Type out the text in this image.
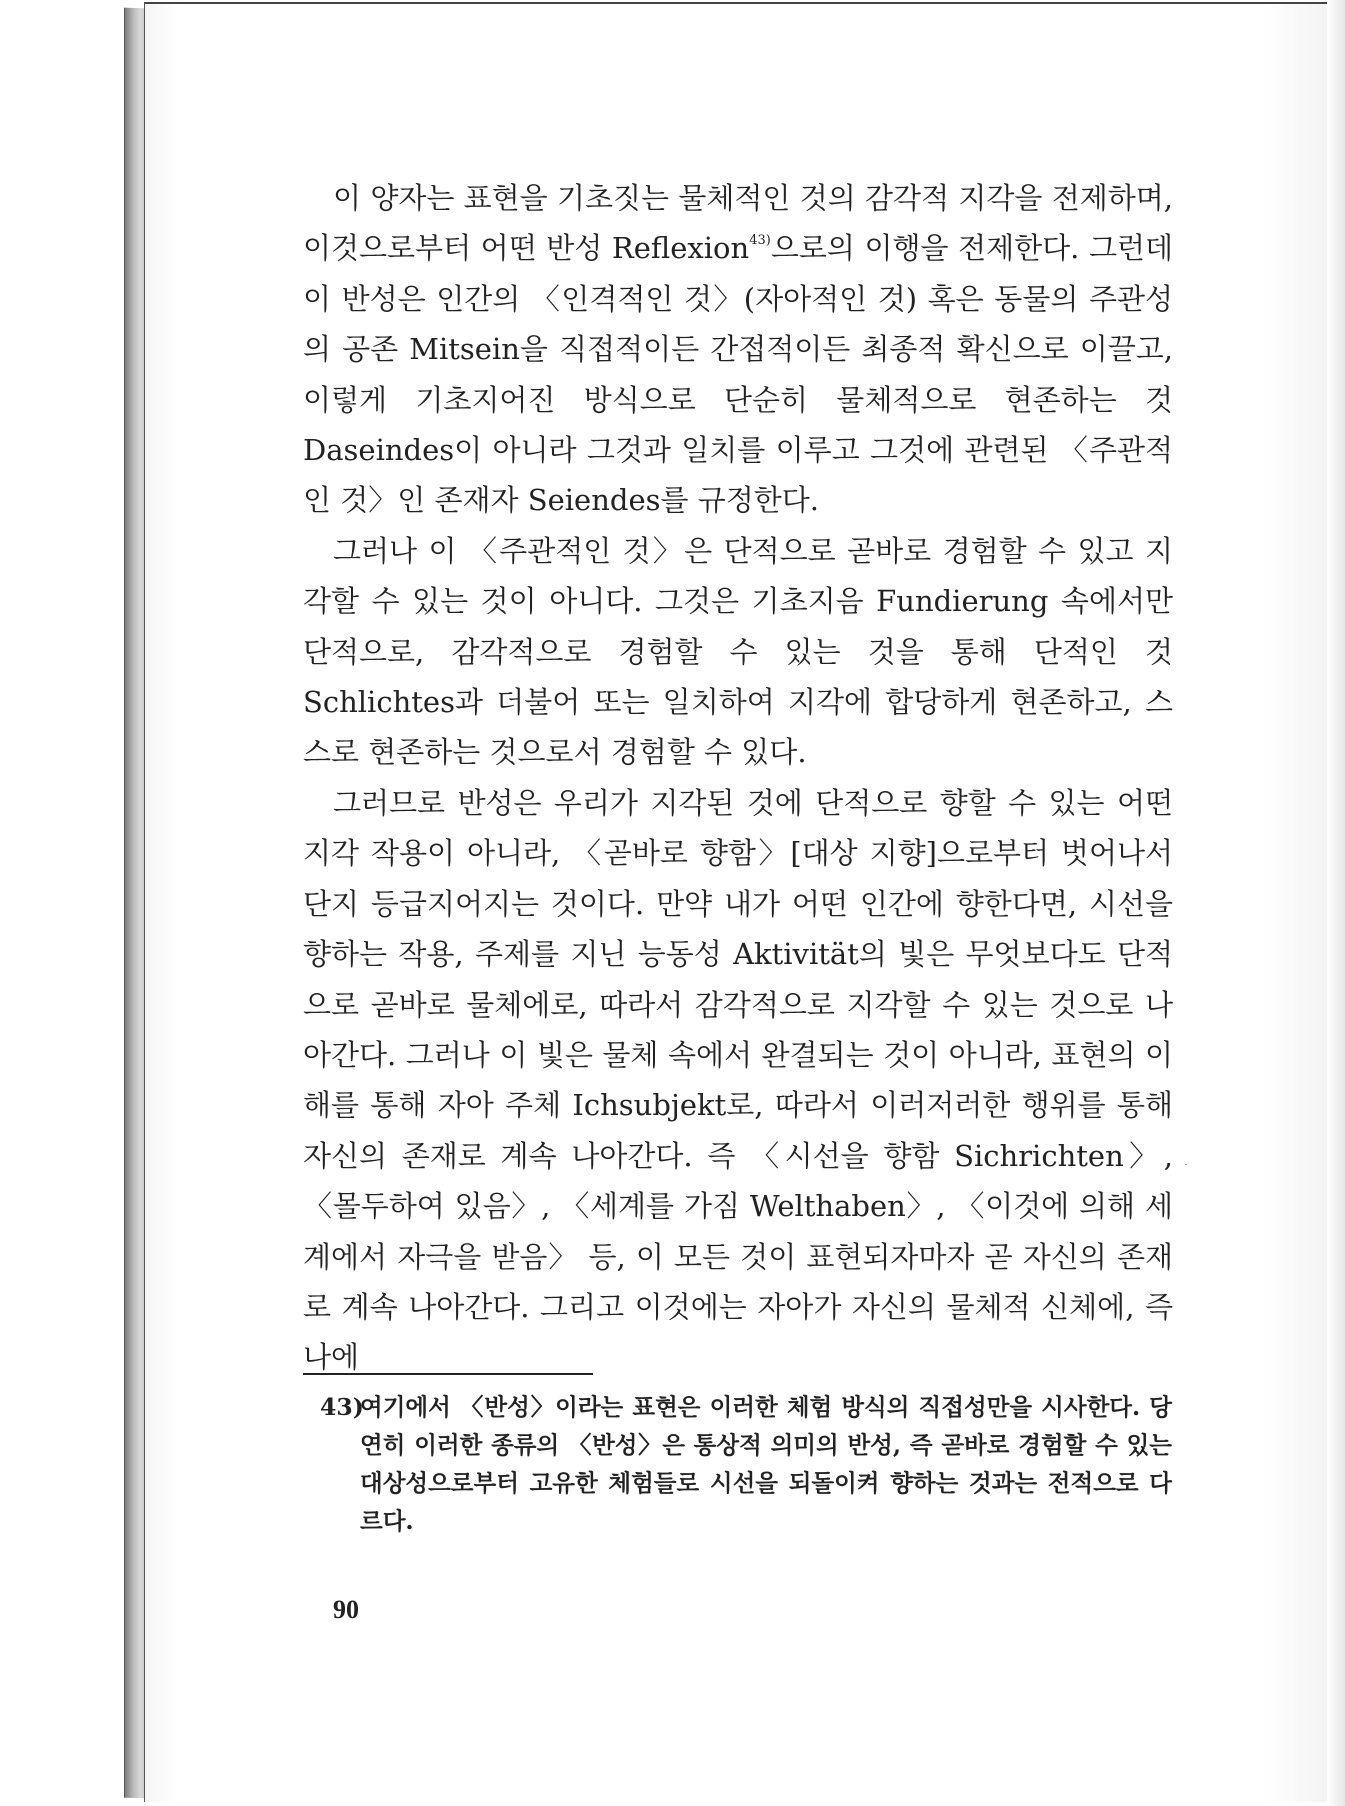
이 양자는 표현을 기초짓는 물체적인 것의 감각적 지각을 전제하며, 이것으로부터 어떤 반성 Reflexion$^{43)}$으로의 이행을 전제한다. 그런데 이 반성은 인간의 〈인격적인 것〉(자아적인 것) 혹은 동물의 주관성의 공존 Mitsein을 직접적이든 간접적이든 최종적 확신으로 이끌고, 이렇게 기초지어진 방식으로 단순히 물체적으로 현존하는 것 Daseindes이 아니라 그것과 일치를 이루고 그것에 관련된 〈주관적인 것〉인 존재자 Seiendes를 규정한다.

그러나 이 〈주관적인 것〉은 단적으로 곧바로 경험할 수 있고 지각할 수 있는 것이 아니다. 그것은 기초지음 Fundierung 속에서만 단적으로, 감각적으로 경험할 수 있는 것을 통해 단적인 것 Schlichtes과 더불어 또는 일치하여 지각에 합당하게 현존하고, 스스로 현존하는 것으로서 경험할 수 있다.

그러므로 반성은 우리가 지각된 것에 단적으로 향할 수 있는 어떤 지각 작용이 아니라, 〈곧바로 향함〉[대상 지향]으로부터 벗어나서 단지 등급지어지는 것이다. 만약 내가 어떤 인간에 향한다면, 시선을 향하는 작용, 주제를 지닌 능동성 Aktivität의 빛은 무엇보다도 단적으로 곧바로 물체에로, 따라서 감각적으로 지각할 수 있는 것으로 나아간다. 그러나 이 빛은 물체 속에서 완결되는 것이 아니라, 표현의 이해를 통해 자아 주체 Ichsubjekt로, 따라서 이러저러한 행위를 통해 자신의 존재로 계속 나아간다. 즉 〈시선을 향함 Sichrichten〉, 〈몰두하여 있음〉, 〈세계를 가짐 Welthaben〉, 〈이것에 의해 세계에서 자극을 받음〉 등, 이 모든 것이 표현되자마자 곧 자신의 존재로 계속 나아간다. 그리고 이것에는 자아가 자신의 물체적 신체에, 즉 나에

43)
여기에서 〈반성〉이라는 표현은 이러한 체험 방식의 직접성만을 시사한다. 당연히 이러한 종류의 〈반성〉은 통상적 의미의 반성, 즉 곧바로 경험할 수 있는 대상성으로부터 고유한 체험들로 시선을 되돌이켜 향하는 것과는 전적으로 다르다.
90
